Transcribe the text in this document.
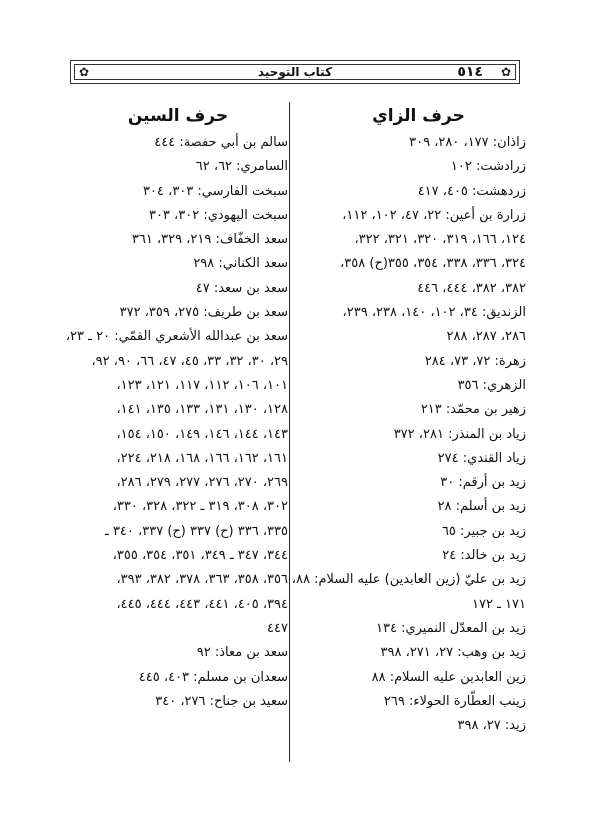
✿	كتاب التوحيد	٥١٤ ✿
حرف الزاي
زاذان: ١٧٧، ٢٨٠، ٣٠٩
زرادشت: ١٠٢
زردهشت: ٤٠٥، ٤١٧
زرارة بن أعين: ٢٢، ٤٧، ١٠٢، ١١٢،
١٢٤، ١٦٦، ٣١٩، ٣٢٠، ٣٢١، ٣٢٢،
٣٢٤، ٣٣٦، ٣٣٨، ٣٥٤، ٣٥٥(ح) ٣٥٨،
٣٨٢، ٣٨٢، ٤٤٤، ٤٤٦
الزنديق: ٣٤، ١٠٢، ١٤٠، ٢٣٨، ٢٣٩،
٢٨٦، ٢٨٧، ٢٨٨
زهرة: ٧٢، ٧٣، ٢٨٤
الزهري: ٣٥٦
زهير بن محمّد: ٢١٣
زياد بن المنذر: ٢٨١، ٣٧٢
زياد القندي: ٢٧٤
زيد بن أرقم: ٣٠
زيد بن أسلم: ٢٨
زيد بن جبير: ٦٥
زيد بن خالد: ٢٤
زيد بن عليّ (زين العابدين) عليه السلام: ٨٨،
١٧١ ـ ١٧٢
زيد بن المعدّل النميري: ١٣٤
زيد بن وهب: ٢٧، ٢٧١، ٣٩٨
زين العابدين عليه السلام: ٨٨
زينب العطّارة الحولاء: ٢٦٩
زيد: ٢٧، ٣٩٨
حرف السين
سالم بن أبي حفصة: ٤٤٤
السامري: ٦٢، ٦٢
سبخت الفارسي: ٣٠٣، ٣٠٤
سبخت اليهودي: ٣٠٢، ٣٠٣
سعد الخفّاف: ٢١٩، ٣٢٩، ٣٦١
سعد الكناني: ٢٩٨
سعد بن سعد: ٤٧
سعد بن طريف: ٢٧٥، ٣٥٩، ٣٧٢
سعد بن عبدالله الأشعري القمّي: ٢٠ ـ ٢٣،
٢٩، ٣٠، ٣٢، ٣٣، ٤٥، ٤٧، ٦٦، ٩٠، ٩٢،
١٠١، ١٠٦، ١١٢، ١١٧، ١٢١، ١٢٣،
١٢٨، ١٣٠، ١٣١، ١٣٣، ١٣٥، ١٤١،
١٤٣، ١٤٤، ١٤٦، ١٤٩، ١٥٠، ١٥٤،
١٦١، ١٦٢، ١٦٦، ١٦٨، ٢١٨، ٢٢٤،
٢٦٩، ٢٧٠، ٢٧٦، ٢٧٧، ٢٧٩، ٢٨٦،
٣٠٢، ٣٠٨، ٣١٩ ـ ٣٢٢، ٣٢٨، ٣٣٠،
٣٣٥، ٣٣٦ (ح) ٣٣٧ (ح) ٣٣٧، ٣٤٠ ـ
٣٤٤، ٣٤٧ ـ ٣٤٩، ٣٥١، ٣٥٤، ٣٥٥،
٣٥٦، ٣٥٨، ٣٦٣، ٣٧٨، ٣٨٢، ٣٩٣،
٣٩٤، ٤٠٥، ٤٤١، ٤٤٣، ٤٤٤، ٤٤٥،
٤٤٧
سعد بن معاذ: ٩٢
سعدان بن مسلم: ٤٠٣، ٤٤٥
سعيد بن جناح: ٢٧٦، ٣٤٠
